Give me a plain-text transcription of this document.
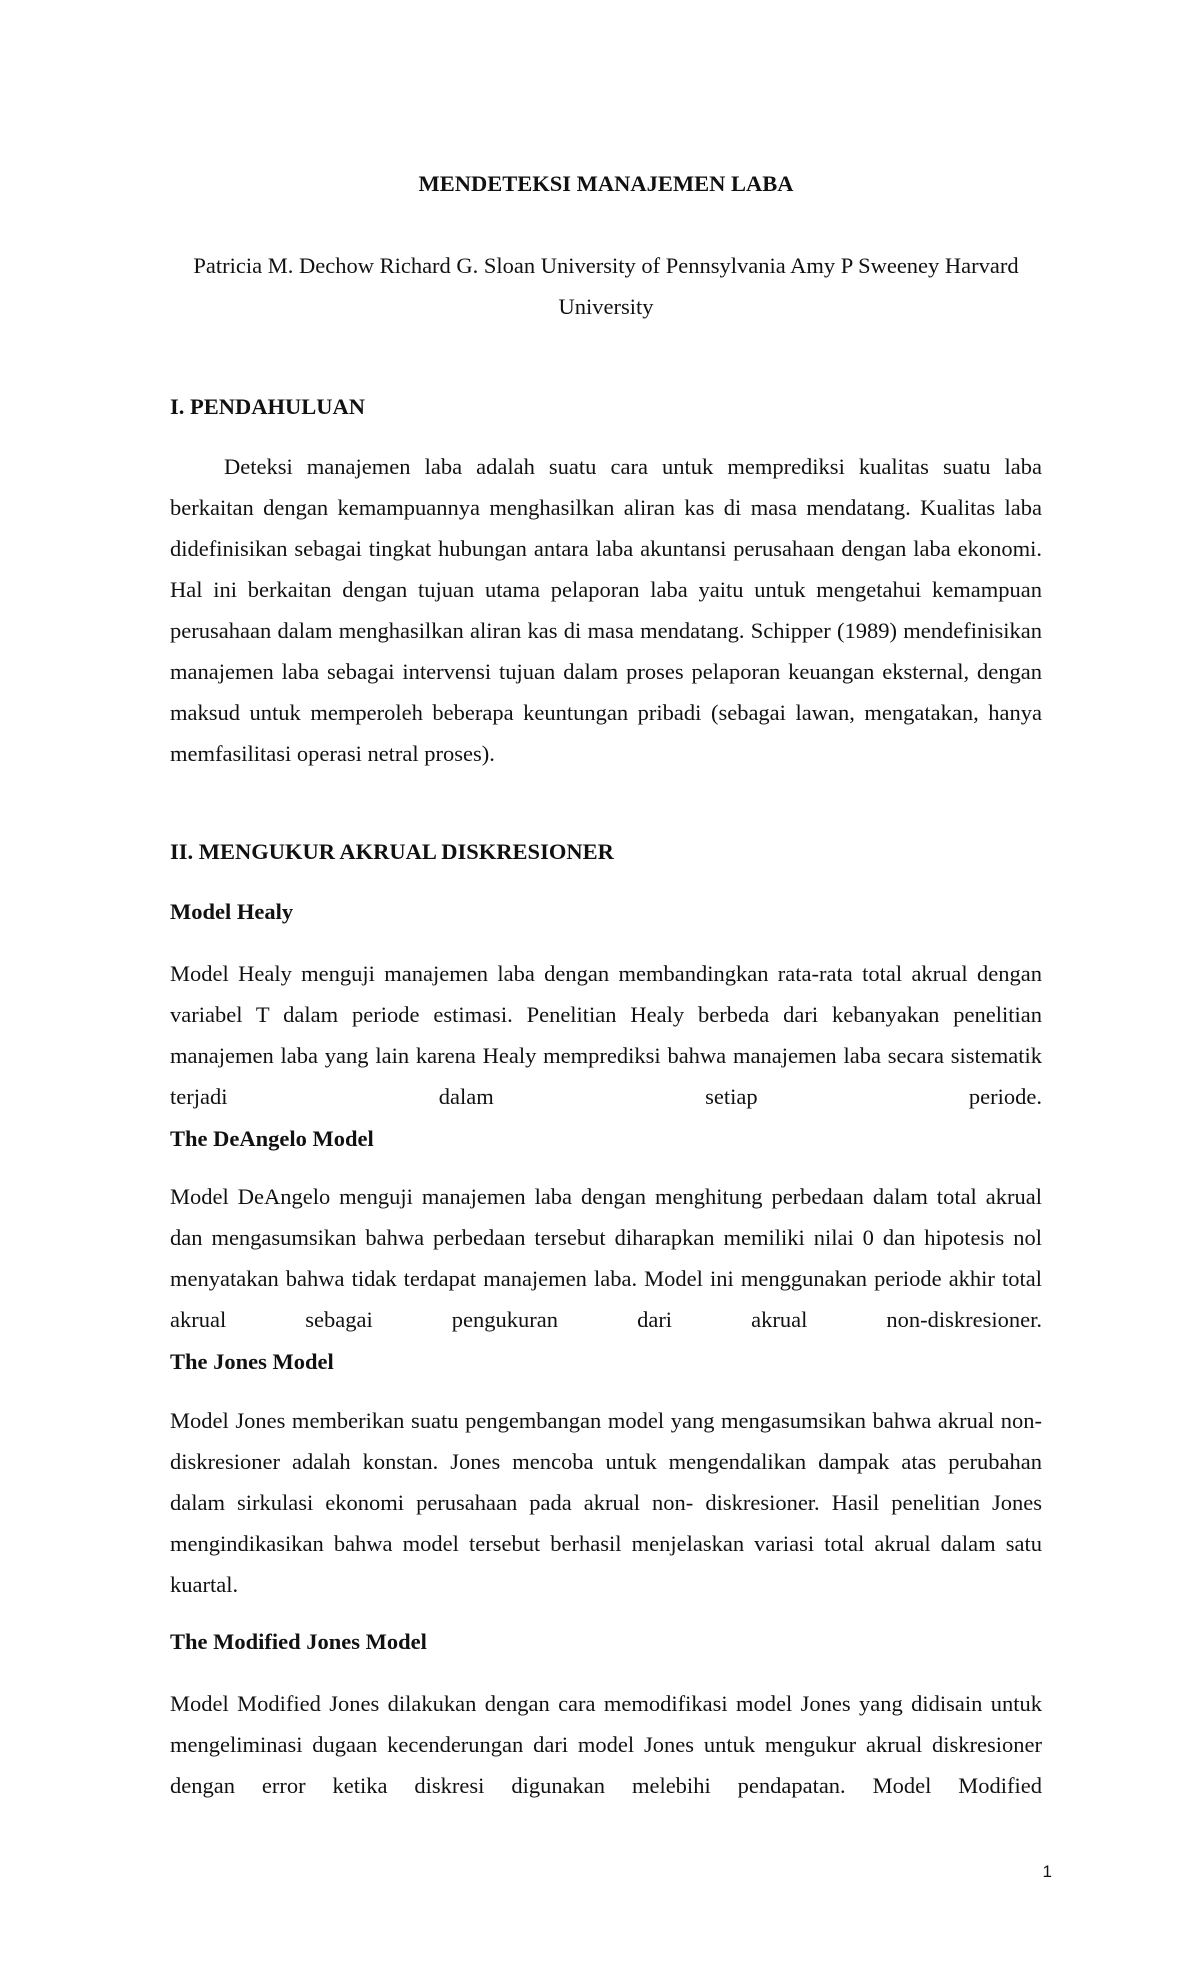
MENDETEKSI MANAJEMEN LABA
Patricia M. Dechow Richard G. Sloan University of Pennsylvania Amy P Sweeney Harvard University
I. PENDAHULUAN
Deteksi manajemen laba adalah suatu cara untuk memprediksi kualitas suatu laba berkaitan dengan kemampuannya menghasilkan aliran kas di masa mendatang. Kualitas laba didefinisikan sebagai tingkat hubungan antara laba akuntansi perusahaan dengan laba ekonomi. Hal ini berkaitan dengan tujuan utama pelaporan laba yaitu untuk mengetahui kemampuan perusahaan dalam menghasilkan aliran kas di masa mendatang. Schipper (1989) mendefinisikan manajemen laba sebagai intervensi tujuan dalam proses pelaporan keuangan eksternal, dengan maksud untuk memperoleh beberapa keuntungan pribadi (sebagai lawan, mengatakan, hanya memfasilitasi operasi netral proses).
II. MENGUKUR AKRUAL DISKRESIONER
Model Healy
Model Healy menguji manajemen laba dengan membandingkan rata-rata total akrual dengan variabel T dalam periode estimasi. Penelitian Healy berbeda dari kebanyakan penelitian manajemen laba yang lain karena Healy memprediksi bahwa manajemen laba secara sistematik terjadi dalam setiap periode.
The DeAngelo Model
Model DeAngelo menguji manajemen laba dengan menghitung perbedaan dalam total akrual dan mengasumsikan bahwa perbedaan tersebut diharapkan memiliki nilai 0 dan hipotesis nol menyatakan bahwa tidak terdapat manajemen laba. Model ini menggunakan periode akhir total akrual sebagai pengukuran dari akrual non-diskresioner.
The Jones Model
Model Jones memberikan suatu pengembangan model yang mengasumsikan bahwa akrual non-diskresioner adalah konstan. Jones mencoba untuk mengendalikan dampak atas perubahan dalam sirkulasi ekonomi perusahaan pada akrual non- diskresioner. Hasil penelitian Jones mengindikasikan bahwa model tersebut berhasil menjelaskan variasi total akrual dalam satu kuartal.
The Modified Jones Model
Model Modified Jones dilakukan dengan cara memodifikasi model Jones yang didisain untuk mengeliminasi dugaan kecenderungan dari model Jones untuk mengukur akrual diskresioner dengan error ketika diskresi digunakan melebihi pendapatan. Model Modified
1
